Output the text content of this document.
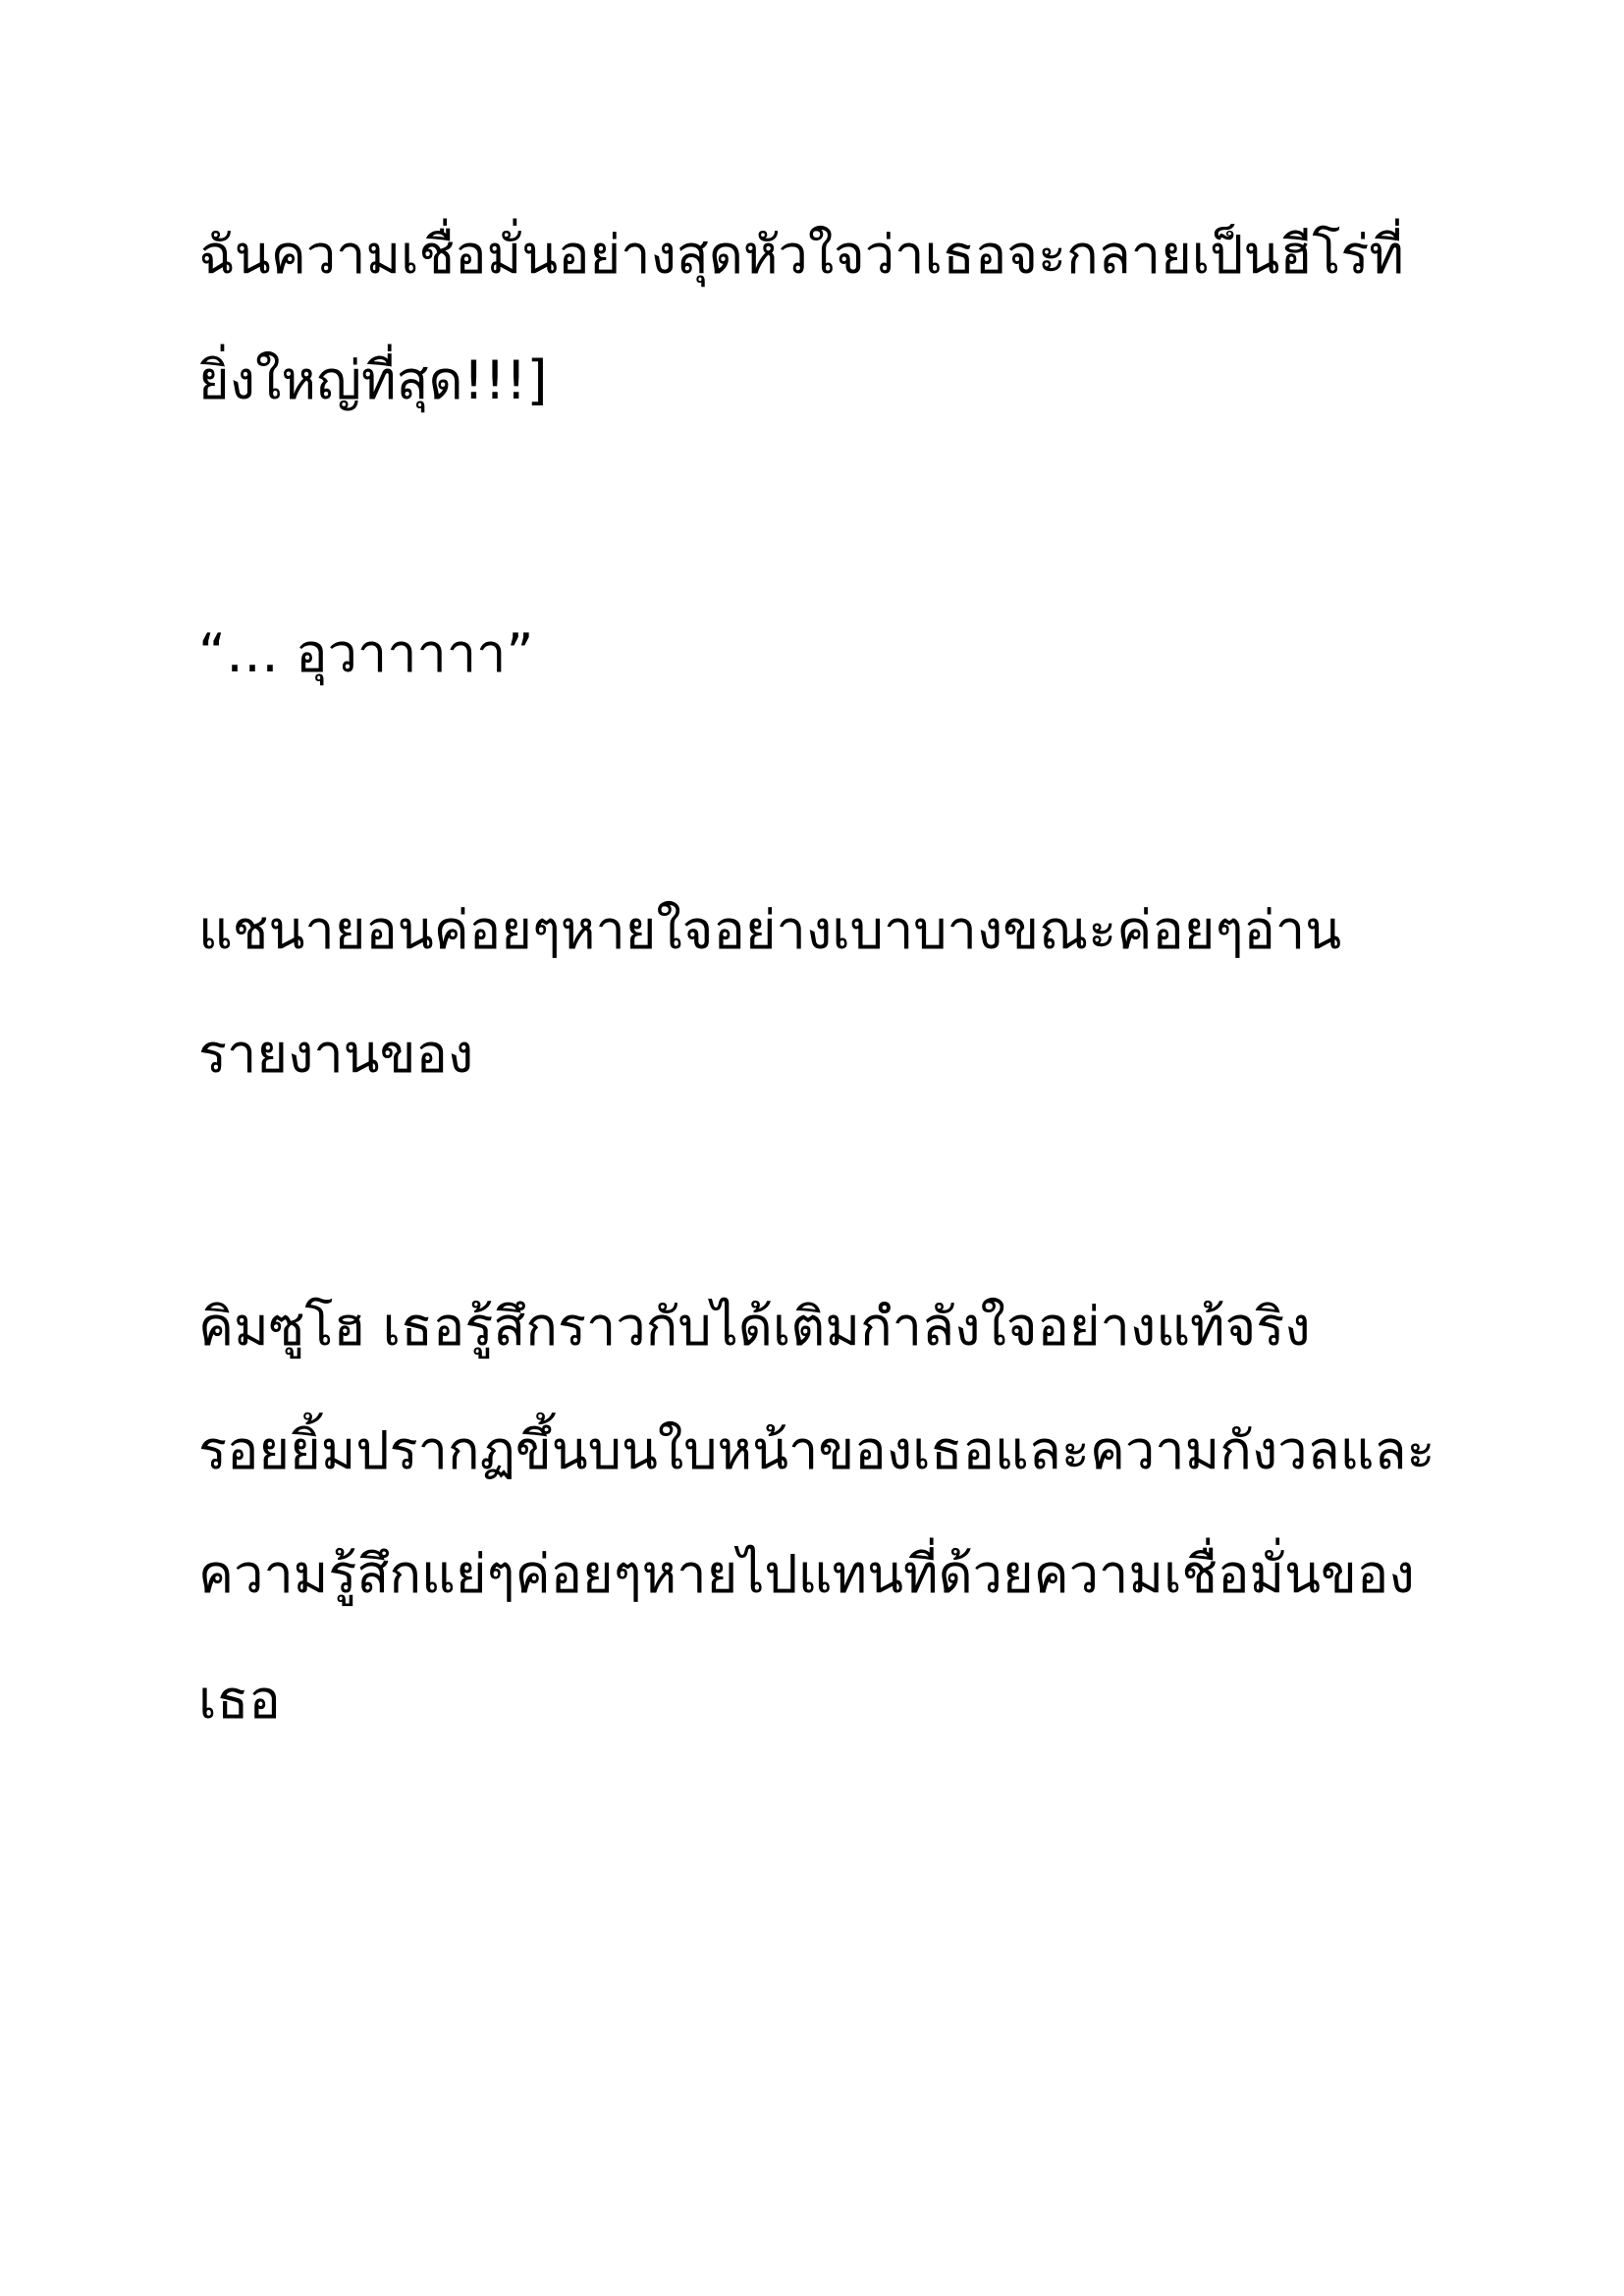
ฉันความเชื่อมั่นอย่างสุดหัวใจว่าเธอจะกลายเป็นฮีโร่ที่

ยิ่งใหญ่ที่สุด!!!]

“… อุวาาาาา”

แชนายอนค่อยๆหายใจอย่างเบาบางขณะค่อยๆอ่าน

รายงานของ

คิมซูโฮ เธอรู้สึกราวกับได้เติมกำลังใจอย่างแท้จริง

รอยยิ้มปรากฏขึ้นบนใบหน้าของเธอและความกังวลและ

ความรู้สึกแย่ๆค่อยๆหายไปแทนที่ด้วยความเชื่อมั่นของ

เธอ
